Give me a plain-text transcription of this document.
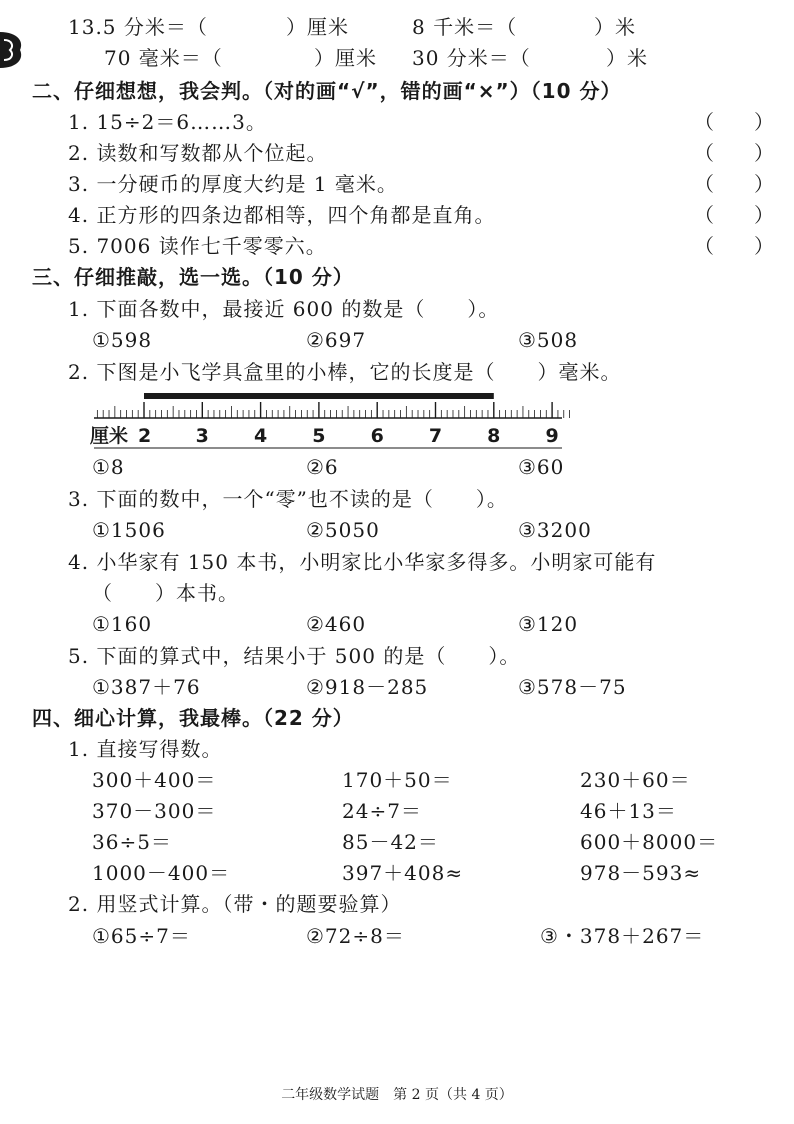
13.5 分米＝（	）厘米	8 千米＝（	）米
70 毫米＝（	）厘米 30 分米＝（	）米
二、仔细想想，我会判。（对的画“√”，错的画“×”）（10 分）
1. 15÷2＝6……3。	（　　）
2. 读数和写数都从个位起。	（　　）
3. 一分硬币的厚度大约是 1 毫米。	（　　）
4. 正方形的四条边都相等，四个角都是直角。	（　　）
5. 7006 读作七千零零六。	（　　）
三、仔细推敲，选一选。（10 分）
1. 下面各数中，最接近 600 的数是（　　）。
①598	②697	③508
2. 下图是小飞学具盒里的小棒，它的长度是（　　）毫米。
厘米 2 3 4 5 6 7 8 9
①8	②6	③60
3. 下面的数中，一个“零”也不读的是（　　）。
①1506	②5050	③3200
4. 小华家有 150 本书，小明家比小华家多得多。小明家可能有
（　　）本书。
①160	②460	③120
5. 下面的算式中，结果小于 500 的是（　　）。
①387＋76	②918－285	③578－75
四、细心计算，我最棒。（22 分）
1. 直接写得数。
300＋400＝	170＋50＝	230＋60＝
370－300＝	24÷7＝	46＋13＝
36÷5＝	85－42＝	600＋8000＝
1000－400＝	397＋408≈	978－593≈
2. 用竖式计算。（带・的题要验算）
①65÷7＝	②72÷8＝	③・378＋267＝
二年级数学试题　第 2 页（共 4 页）
